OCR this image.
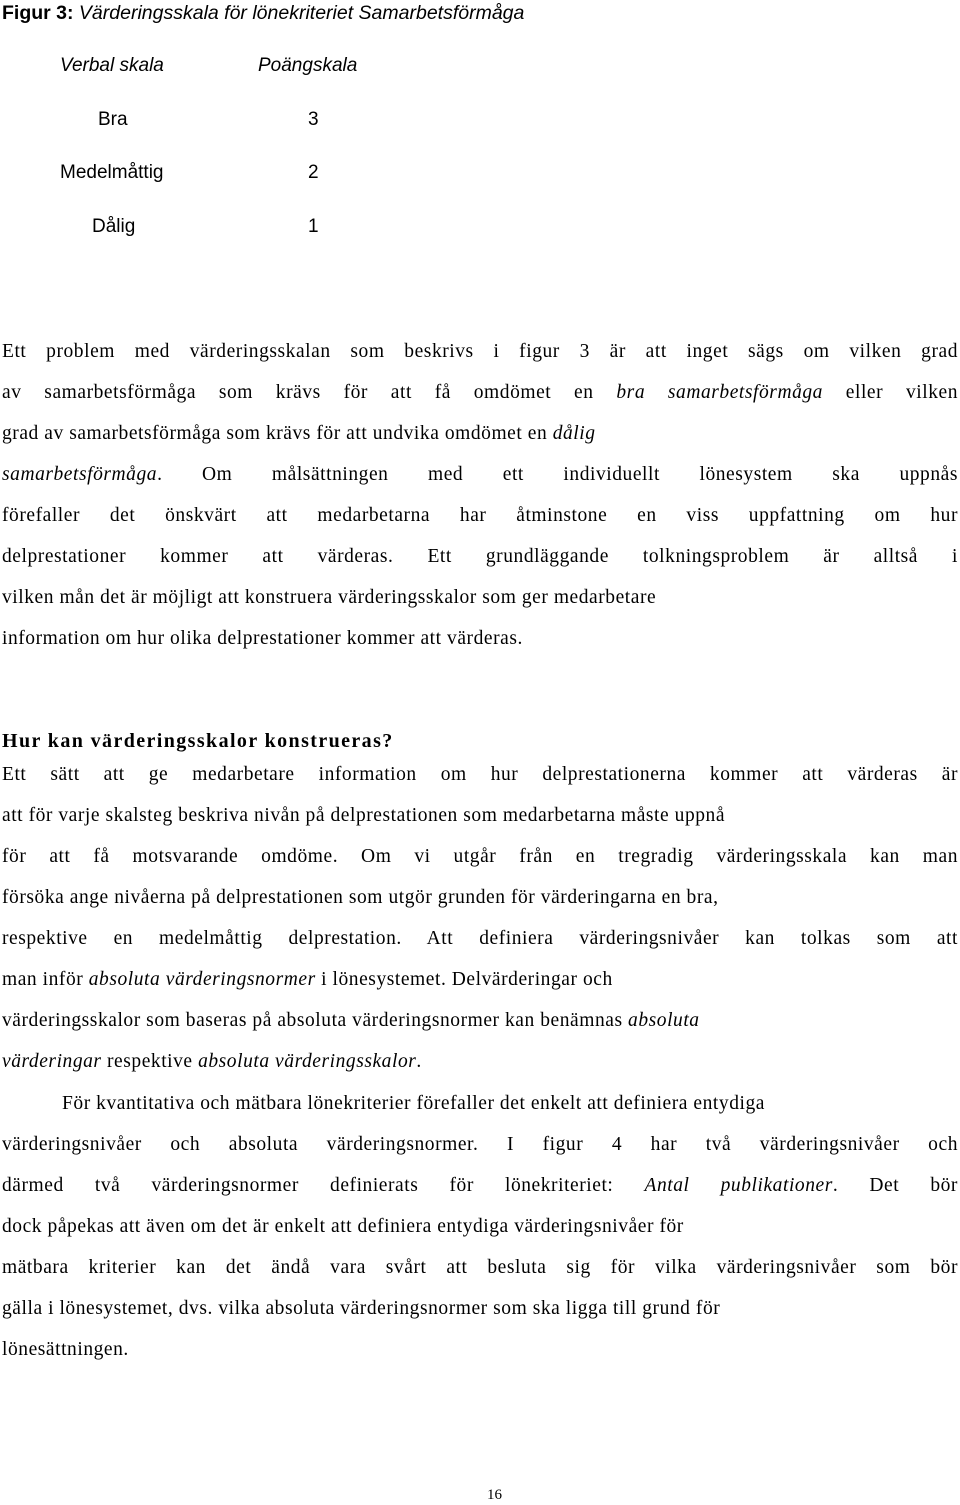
Figur 3: Värderingsskala för lönekriteriet Samarbetsförmåga
Verbal skala	Poängskala
Bra	3
Medelmåttig	2
Dålig	1
Ett problem med värderingsskalan som beskrivs i figur 3 är att inget sägs om vilken grad
av samarbetsförmåga som krävs för att få omdömet en bra samarbetsförmåga eller vilken
grad av samarbetsförmåga som krävs för att undvika omdömet en dålig
samarbetsförmåga. Om målsättningen med ett individuellt lönesystem ska uppnås
förefaller det önskvärt att medarbetarna har åtminstone en viss uppfattning om hur
delprestationer kommer att värderas. Ett grundläggande tolkningsproblem är alltså i
vilken mån det är möjligt att konstruera värderingsskalor som ger medarbetare
information om hur olika delprestationer kommer att värderas.
Hur kan värderingsskalor konstrueras?
Ett sätt att ge medarbetare information om hur delprestationerna kommer att värderas är
att för varje skalsteg beskriva nivån på delprestationen som medarbetarna måste uppnå
för att få motsvarande omdöme. Om vi utgår från en tregradig värderingsskala kan man
försöka ange nivåerna på delprestationen som utgör grunden för värderingarna en bra,
respektive en medelmåttig delprestation. Att definiera värderingsnivåer kan tolkas som att
man inför absoluta värderingsnormer i lönesystemet. Delvärderingar och
värderingsskalor som baseras på absoluta värderingsnormer kan benämnas absoluta
värderingar respektive absoluta värderingsskalor.
För kvantitativa och mätbara lönekriterier förefaller det enkelt att definiera entydiga
värderingsnivåer och absoluta värderingsnormer. I figur 4 har två värderingsnivåer och
därmed två värderingsnormer definierats för lönekriteriet: Antal publikationer. Det bör
dock påpekas att även om det är enkelt att definiera entydiga värderingsnivåer för
mätbara kriterier kan det ändå vara svårt att besluta sig för vilka värderingsnivåer som bör
gälla i lönesystemet, dvs. vilka absoluta värderingsnormer som ska ligga till grund för
lönesättningen.
16
